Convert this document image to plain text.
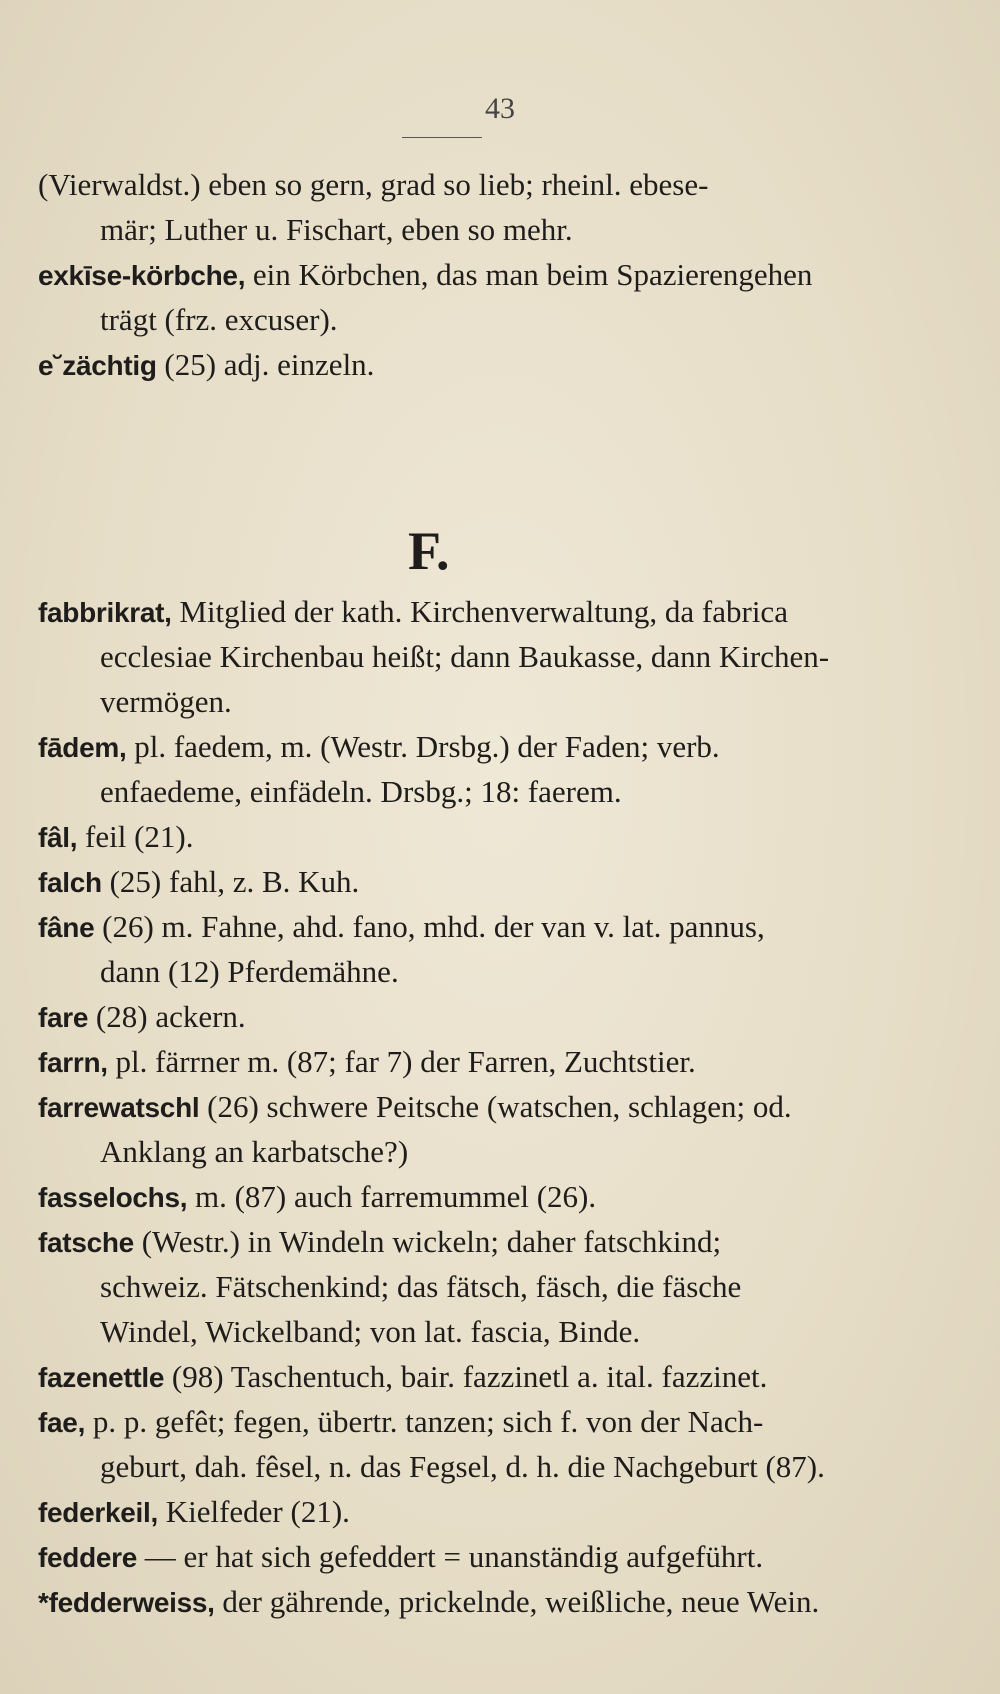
43
(Vierwaldst.) eben so gern, grad so lieb; rheinl. ebese-
mär; Luther u. Fischart, eben so mehr.
exkīse-körbche, ein Körbchen, das man beim Spazierengehen
trägt (frz. excuser).
e˘zächtig (25) adj. einzeln.
fabbrikrat, Mitglied der kath. Kirchenverwaltung, da fabrica
ecclesiae Kirchenbau heißt; dann Baukasse, dann Kirchen-
vermögen.
fādem, pl. faedem, m. (Westr. Drsbg.) der Faden; verb.
enfaedeme, einfädeln. Drsbg.; 18: faerem.
fâl, feil (21).
falch (25) fahl, z. B. Kuh.
fâne (26) m. Fahne, ahd. fano, mhd. der van v. lat. pannus,
dann (12) Pferdemähne.
fare (28) ackern.
farrn, pl. färrner m. (87; far 7) der Farren, Zuchtstier.
farrewatschl (26) schwere Peitsche (watschen, schlagen; od.
Anklang an karbatsche?)
fasselochs, m. (87) auch farremummel (26).
fatsche (Westr.) in Windeln wickeln; daher fatschkind;
schweiz. Fätschenkind; das fätsch, fäsch, die fäsche
Windel, Wickelband; von lat. fascia, Binde.
fazenettle (98) Taschentuch, bair. fazzinetl a. ital. fazzinet.
fae, p. p. gefêt; fegen, übertr. tanzen; sich f. von der Nach-
geburt, dah. fêsel, n. das Fegsel, d. h. die Nachgeburt (87).
federkeil, Kielfeder (21).
feddere — er hat sich gefeddert = unanständig aufgeführt.
*fedderweiss, der gährende, prickelnde, weißliche, neue Wein.
F.
